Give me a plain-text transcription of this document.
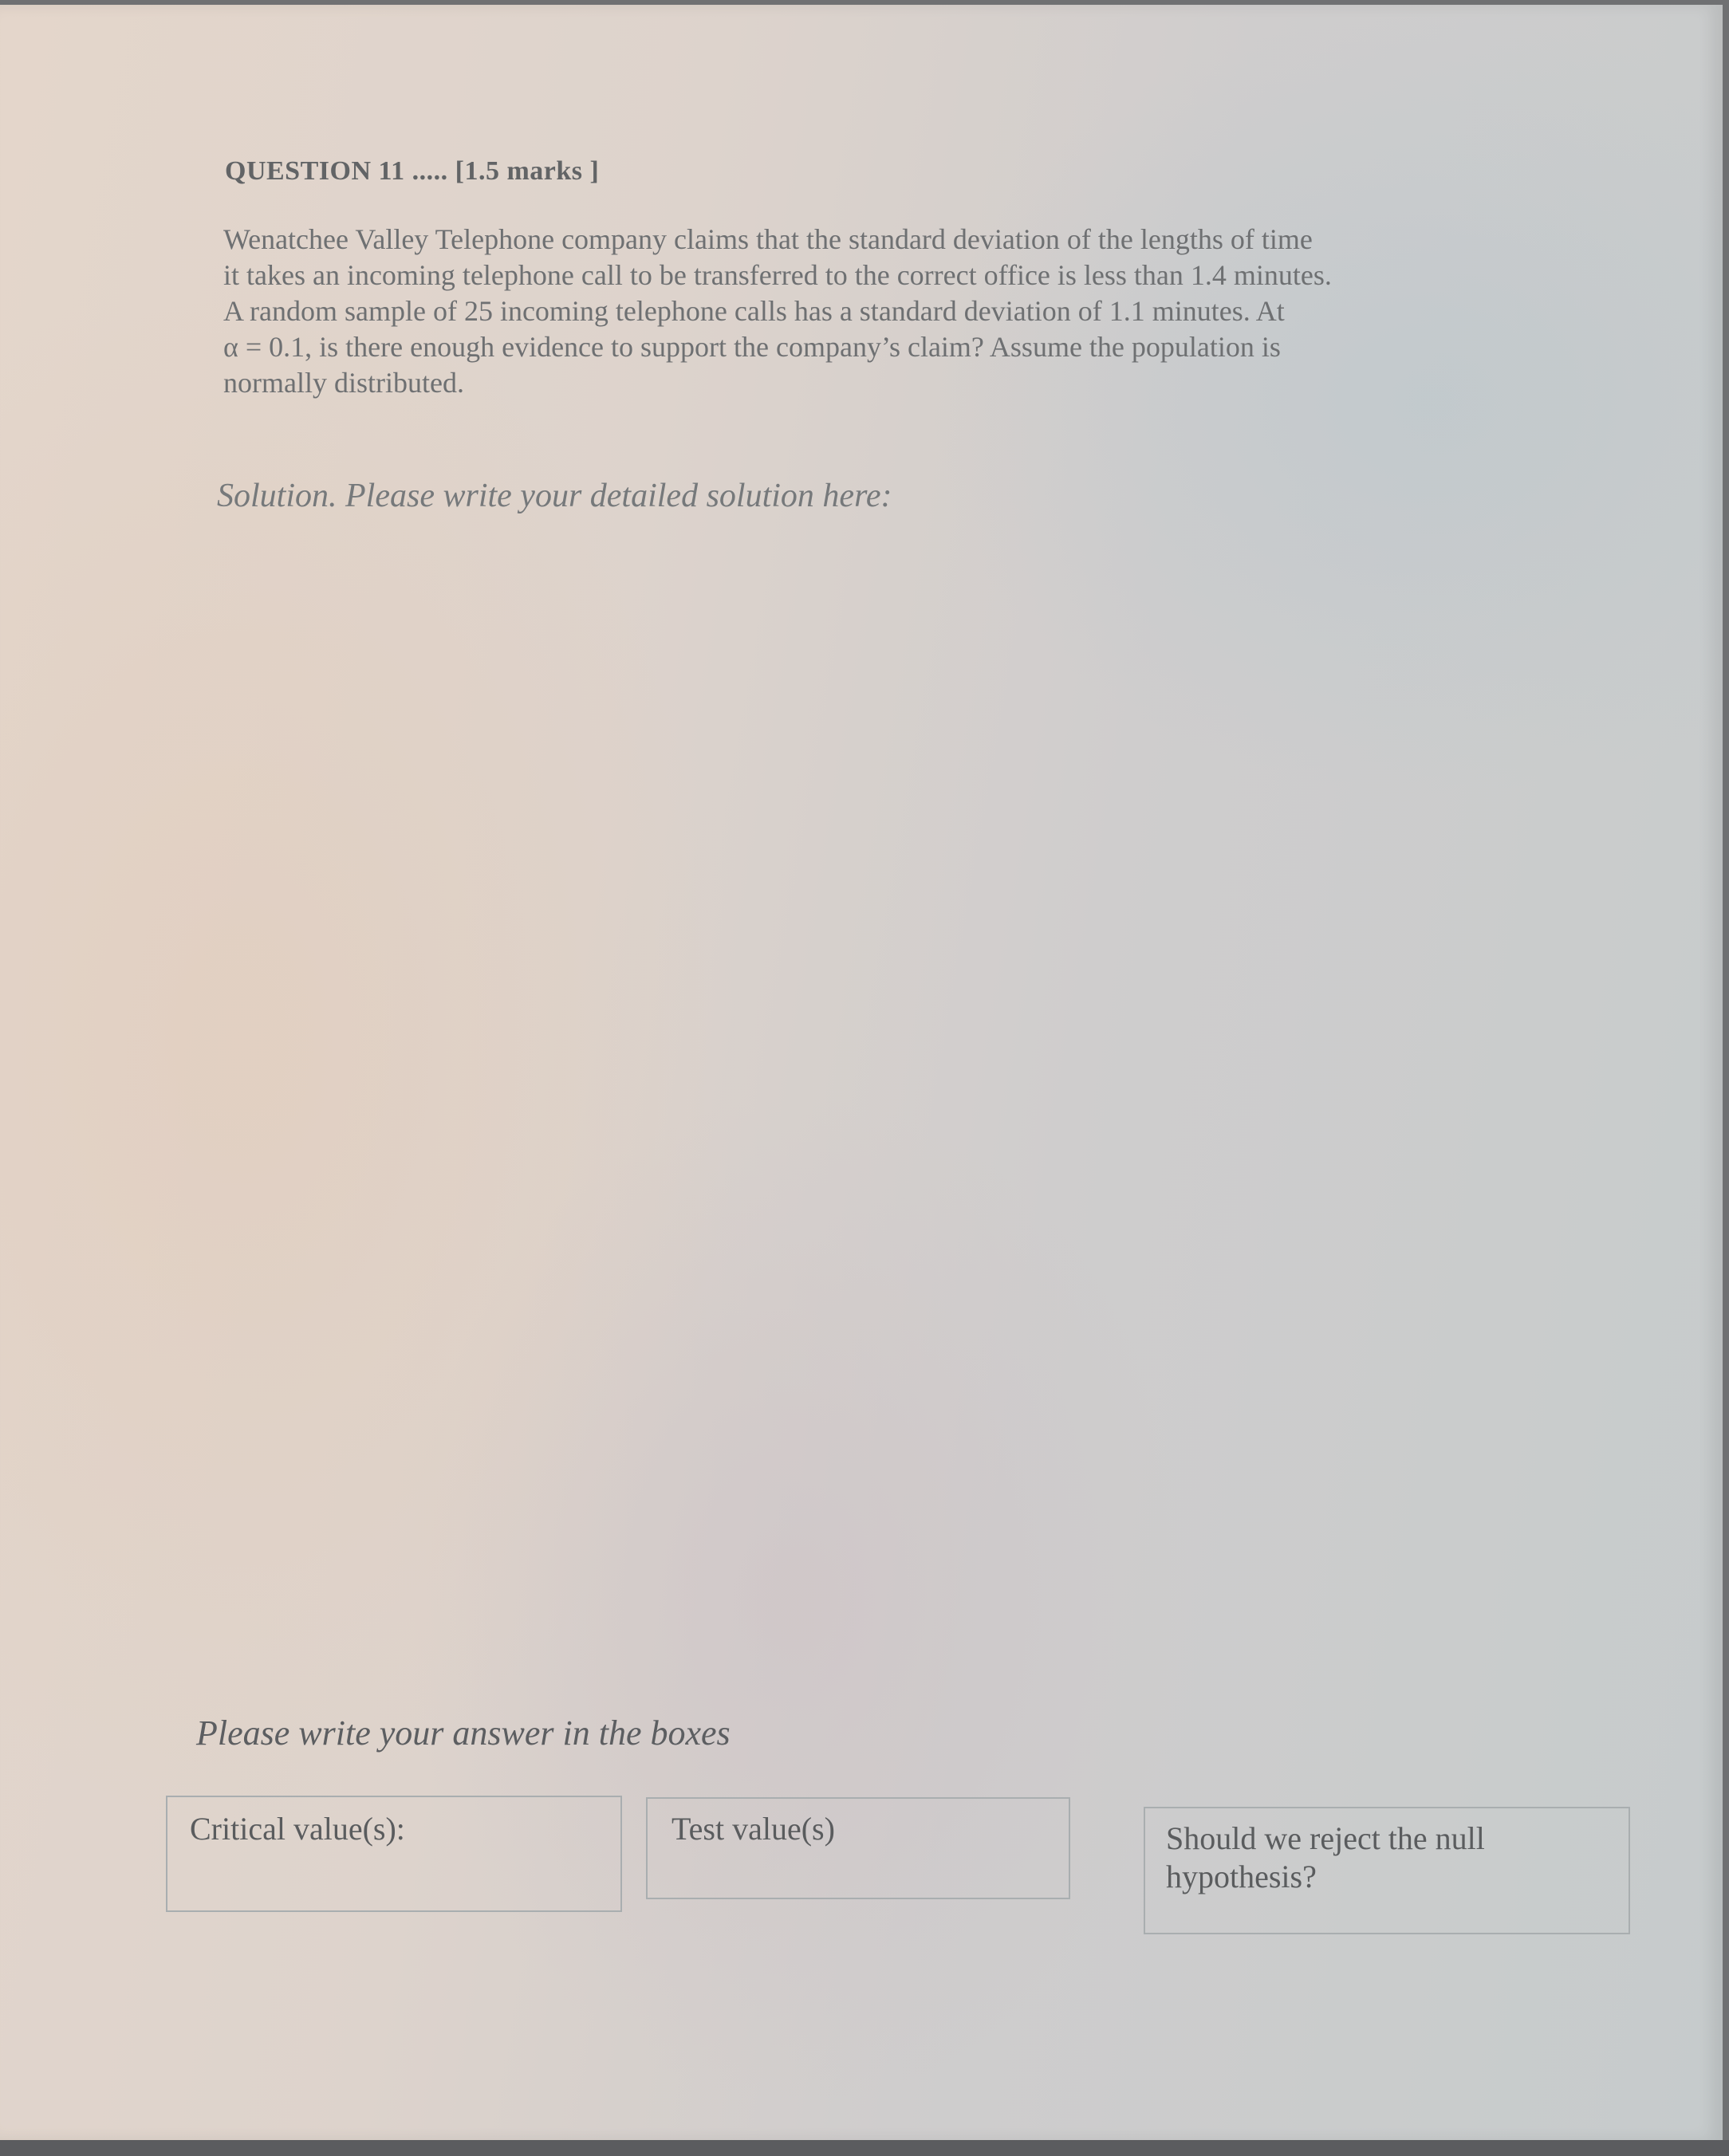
QUESTION 11 ..... [1.5 marks ]

Wenatchee Valley Telephone company claims that the standard deviation of the lengths of time

it takes an incoming telephone call to be transferred to the correct office is less than 1.4 minutes.

A random sample of 25 incoming telephone calls has a standard deviation of 1.1 minutes. At

α = 0.1, is there enough evidence to support the company’s claim? Assume the population is

normally distributed.

Solution. Please write your detailed solution here:
Please write your answer in the boxes
Critical value(s):	Test value(s)	Should we reject the null
hypothesis?
